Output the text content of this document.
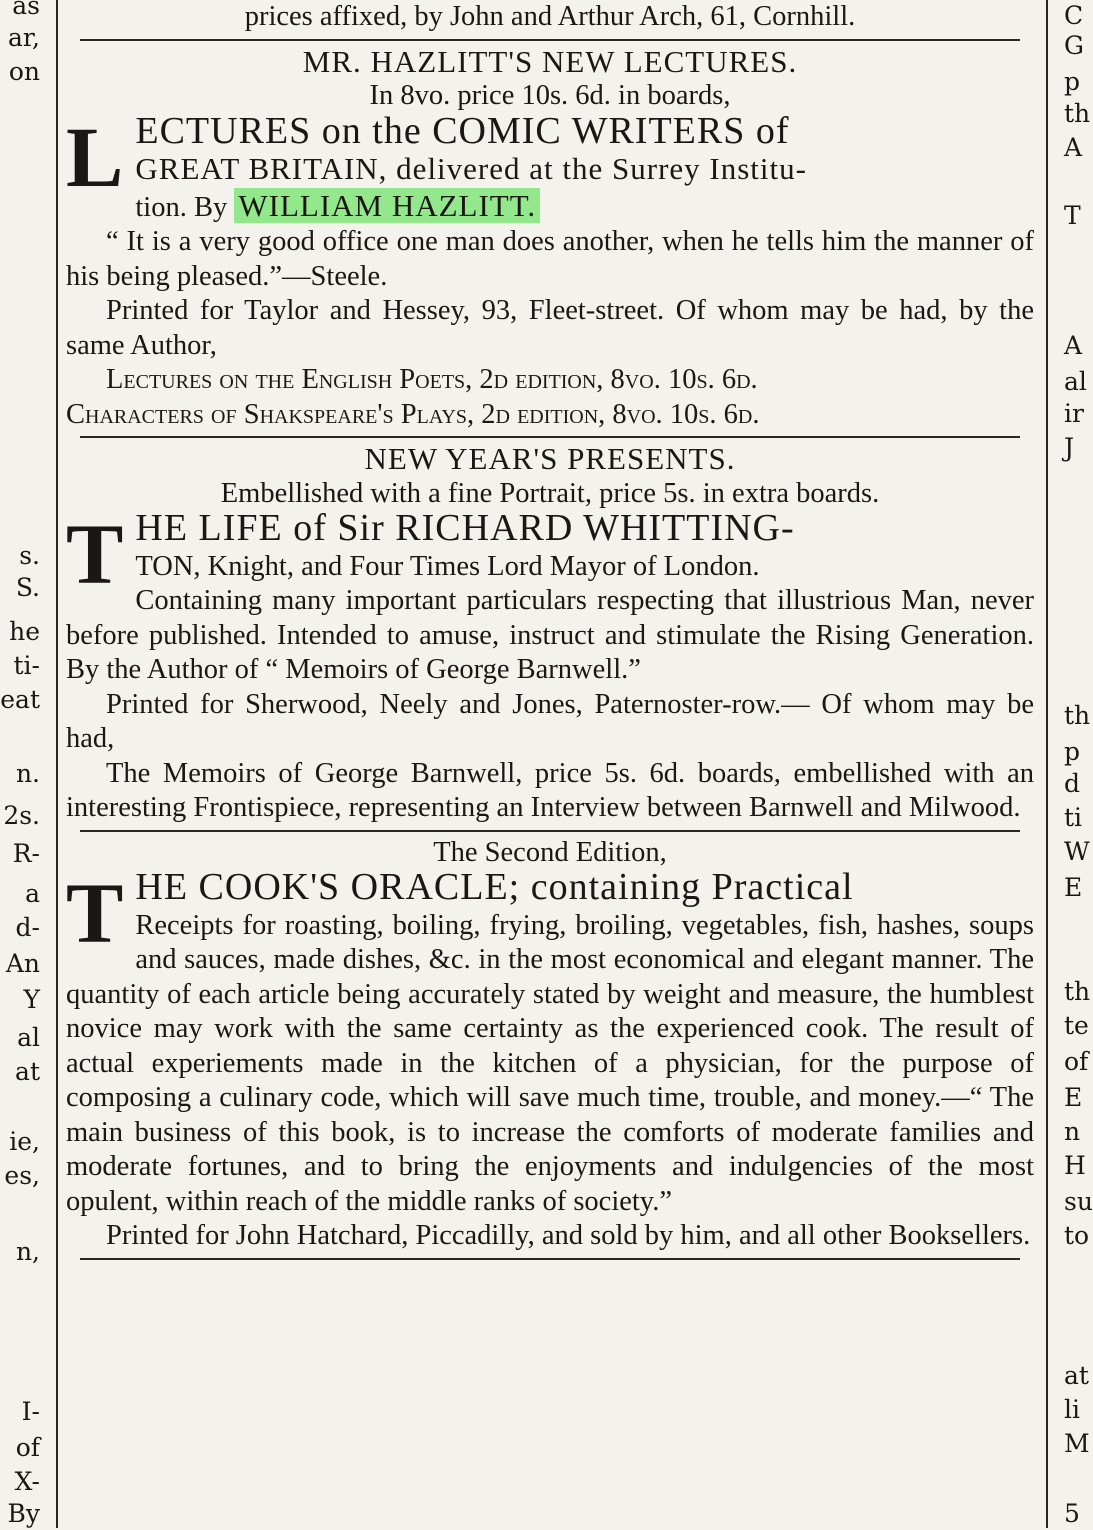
as
ar,
on
s.
S.
he
ti-
eat
n.
2s.
R-
a
d-
An
Y
al
at
ie,
es,
n,
I-
of
X-
By
C
G
p
th
A
T
A
al
ir
J
th
p
d
ti
W
E
th
te
of
E
n
H
su
to
at
li
M
5

prices affixed, by John and Arthur Arch, 61, Cornhill.

MR. HAZLITT'S NEW LECTURES.

In 8vo. price 10s. 6d. in boards,

L ECTURES on the COMIC WRITERS of
GREAT BRITAIN, delivered at the Surrey Institu-
tion. By WILLIAM HAZLITT.

“ It is a very good office one man does another, when he tells him the manner of his being pleased.”—Steele.

Printed for Taylor and Hessey, 93, Fleet-street. Of whom may be had, by the same Author,

Lectures on the English Poets, 2d edition, 8vo. 10s. 6d.

Characters of Shakspeare's Plays, 2d edition, 8vo. 10s. 6d.

NEW YEAR'S PRESENTS.

Embellished with a fine Portrait, price 5s. in extra boards.

T HE LIFE of Sir RICHARD WHITTING-
TON, Knight, and Four Times Lord Mayor of London.

Containing many important particulars respecting that illustrious Man, never before published. Intended to amuse, instruct and stimulate the Rising Generation. By the Author of “ Memoirs of George Barnwell.”

Printed for Sherwood, Neely and Jones, Paternoster-row.— Of whom may be had,

The Memoirs of George Barnwell, price 5s. 6d. boards, embellished with an interesting Frontispiece, representing an Interview between Barnwell and Milwood.

The Second Edition,

T HE COOK'S ORACLE; containing Practical

Receipts for roasting, boiling, frying, broiling, vegetables, fish, hashes, soups and sauces, made dishes, &c. in the most economical and elegant manner. The quantity of each article being accurately stated by weight and measure, the humblest novice may work with the same certainty as the experienced cook. The result of actual experiements made in the kitchen of a physician, for the purpose of composing a culinary code, which will save much time, trouble, and money.—“ The main business of this book, is to increase the comforts of moderate families and moderate fortunes, and to bring the enjoyments and indulgencies of the most opulent, within reach of the middle ranks of society.”

Printed for John Hatchard, Piccadilly, and sold by him, and all other Booksellers.
